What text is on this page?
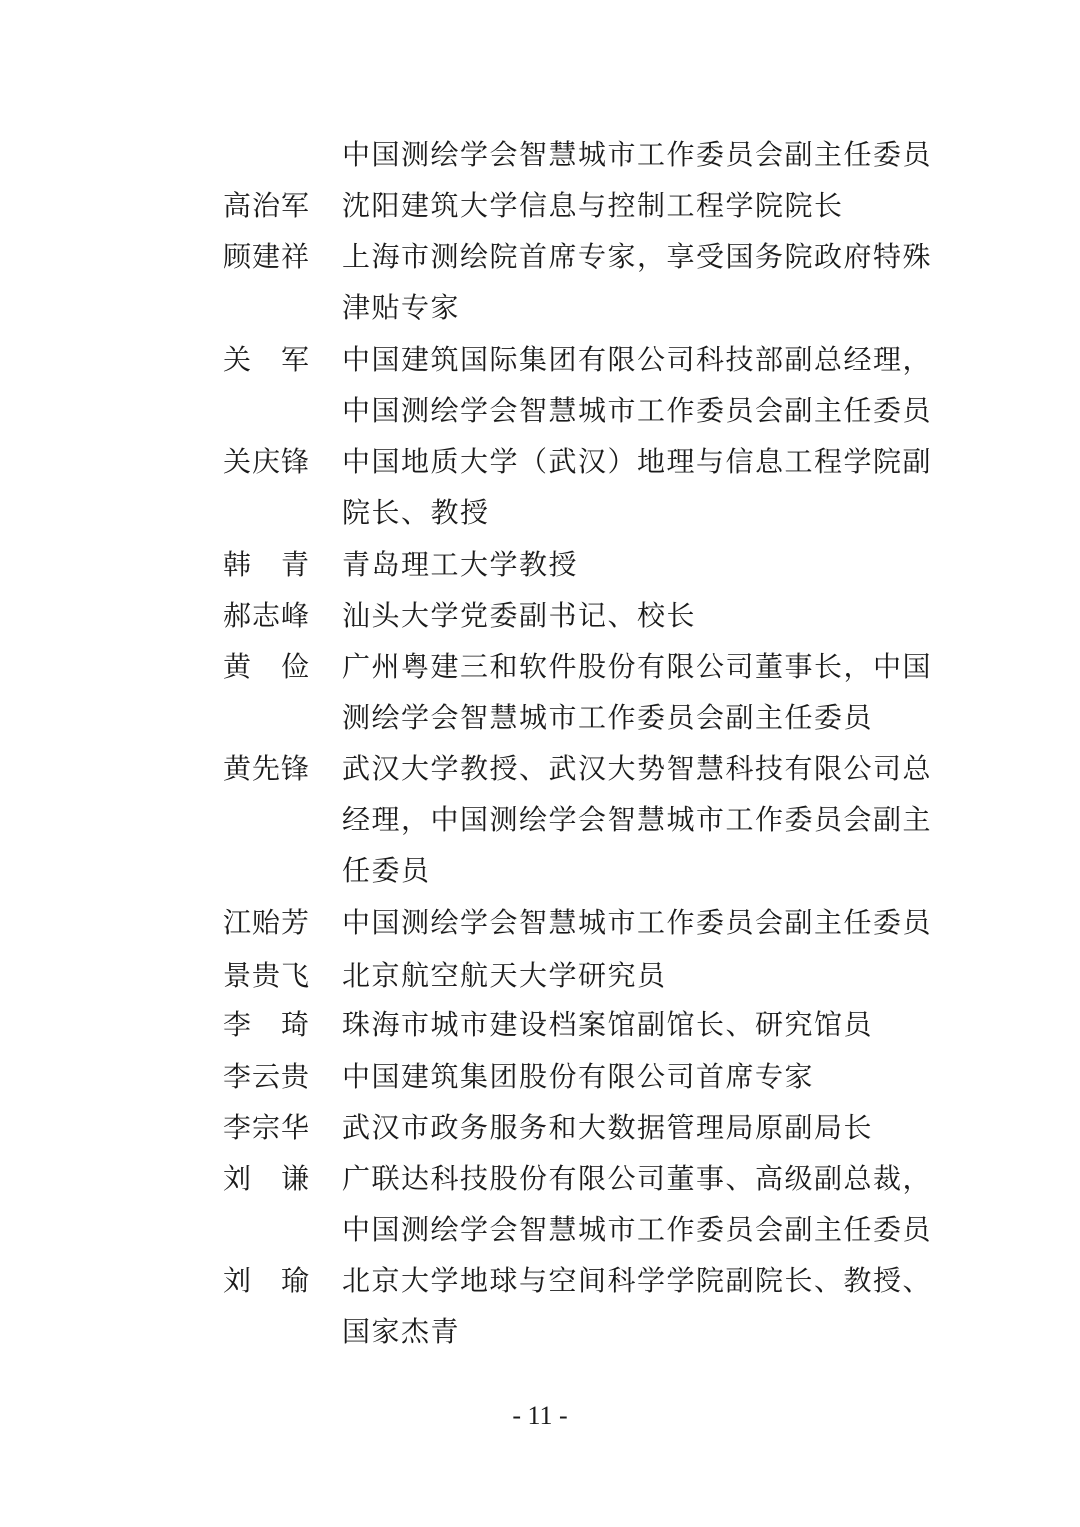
中国测绘学会智慧城市工作委员会副主任委员
高治军 沈阳建筑大学信息与控制工程学院院长
顾建祥 上海市测绘院首席专家，享受国务院政府特殊
津贴专家
关　军 中国建筑国际集团有限公司科技部副总经理，
中国测绘学会智慧城市工作委员会副主任委员
关庆锋 中国地质大学（武汉）地理与信息工程学院副
院长、教授
韩　青 青岛理工大学教授
郝志峰 汕头大学党委副书记、校长
黄　俭 广州粤建三和软件股份有限公司董事长，中国
测绘学会智慧城市工作委员会副主任委员
黄先锋 武汉大学教授、武汉大势智慧科技有限公司总
经理，中国测绘学会智慧城市工作委员会副主
任委员
江贻芳 中国测绘学会智慧城市工作委员会副主任委员
景贵飞 北京航空航天大学研究员
李　琦 珠海市城市建设档案馆副馆长、研究馆员
李云贵 中国建筑集团股份有限公司首席专家
李宗华 武汉市政务服务和大数据管理局原副局长
刘　谦 广联达科技股份有限公司董事、高级副总裁，
中国测绘学会智慧城市工作委员会副主任委员
刘　瑜 北京大学地球与空间科学学院副院长、教授、
国家杰青
- 11 -
